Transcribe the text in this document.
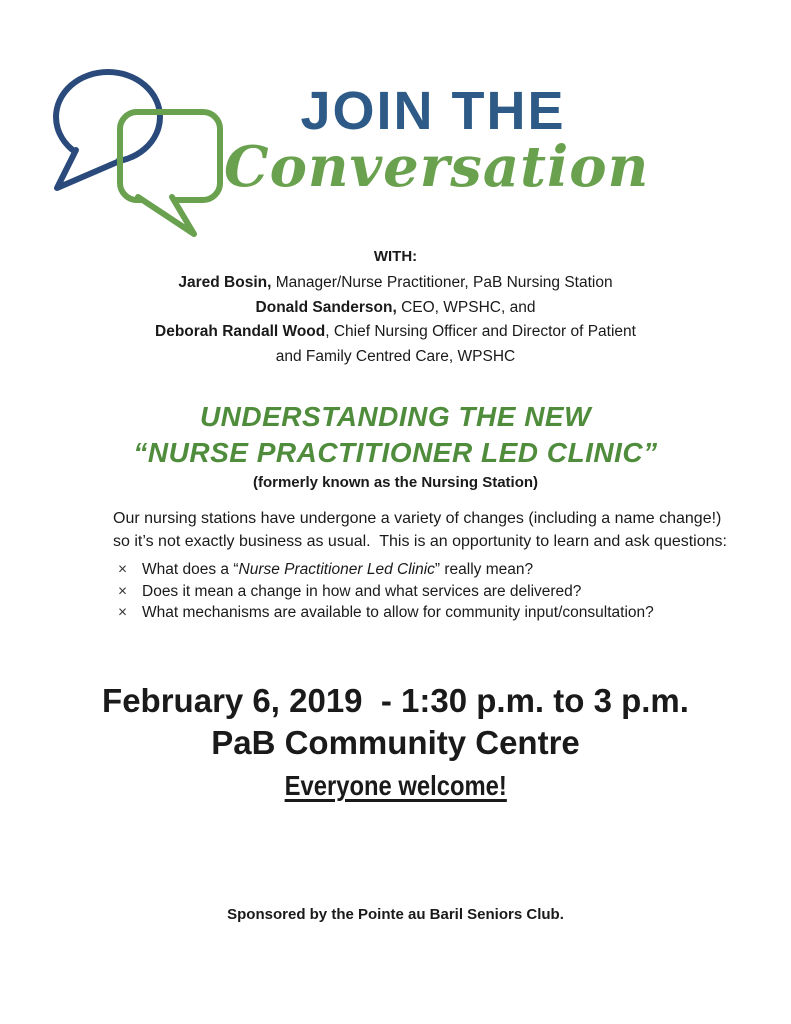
JOIN THE
Conversation
WITH:
Jared Bosin, Manager/Nurse Practitioner, PaB Nursing Station
Donald Sanderson, CEO, WPSHC, and
Deborah Randall Wood, Chief Nursing Officer and Director of Patient
and Family Centred Care, WPSHC
UNDERSTANDING THE NEW
“NURSE PRACTITIONER LED CLINIC”
(formerly known as the Nursing Station)
Our nursing stations have undergone a variety of changes (including a name change!)
so it’s not exactly business as usual.  This is an opportunity to learn and ask questions:
× What does a “Nurse Practitioner Led Clinic” really mean?
× Does it mean a change in how and what services are delivered?
× What mechanisms are available to allow for community input/consultation?
February 6, 2019  - 1:30 p.m. to 3 p.m.
PaB Community Centre
Everyone welcome!
Sponsored by the Pointe au Baril Seniors Club.
